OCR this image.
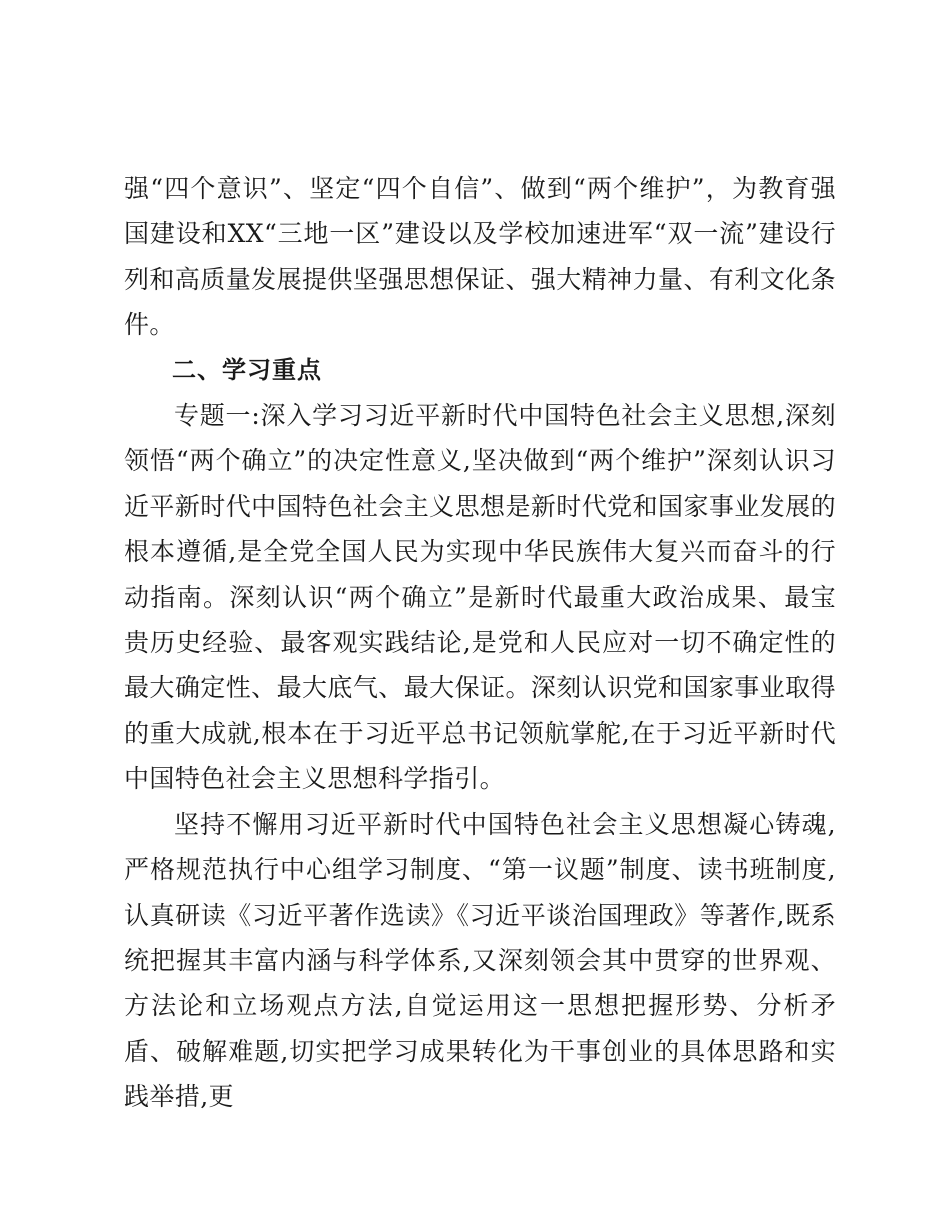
强“四个意识”、坚定“四个自信”、做到“两个维护”，为教育强国建设和XX“三地一区”建设以及学校加速进军“双一流”建设行列和高质量发展提供坚强思想保证、强大精神力量、有利文化条件。

二、学习重点

专题一:深入学习习近平新时代中国特色社会主义思想,深刻领悟“两个确立”的决定性意义,坚决做到“两个维护”深刻认识习近平新时代中国特色社会主义思想是新时代党和国家事业发展的根本遵循,是全党全国人民为实现中华民族伟大复兴而奋斗的行动指南。深刻认识“两个确立”是新时代最重大政治成果、最宝贵历史经验、最客观实践结论,是党和人民应对一切不确定性的最大确定性、最大底气、最大保证。深刻认识党和国家事业取得的重大成就,根本在于习近平总书记领航掌舵,在于习近平新时代中国特色社会主义思想科学指引。

坚持不懈用习近平新时代中国特色社会主义思想凝心铸魂,严格规范执行中心组学习制度、“第一议题”制度、读书班制度,认真研读《习近平著作选读》《习近平谈治国理政》等著作,既系统把握其丰富内涵与科学体系,又深刻领会其中贯穿的世界观、方法论和立场观点方法,自觉运用这一思想把握形势、分析矛盾、破解难题,切实把学习成果转化为干事创业的具体思路和实践举措,更
